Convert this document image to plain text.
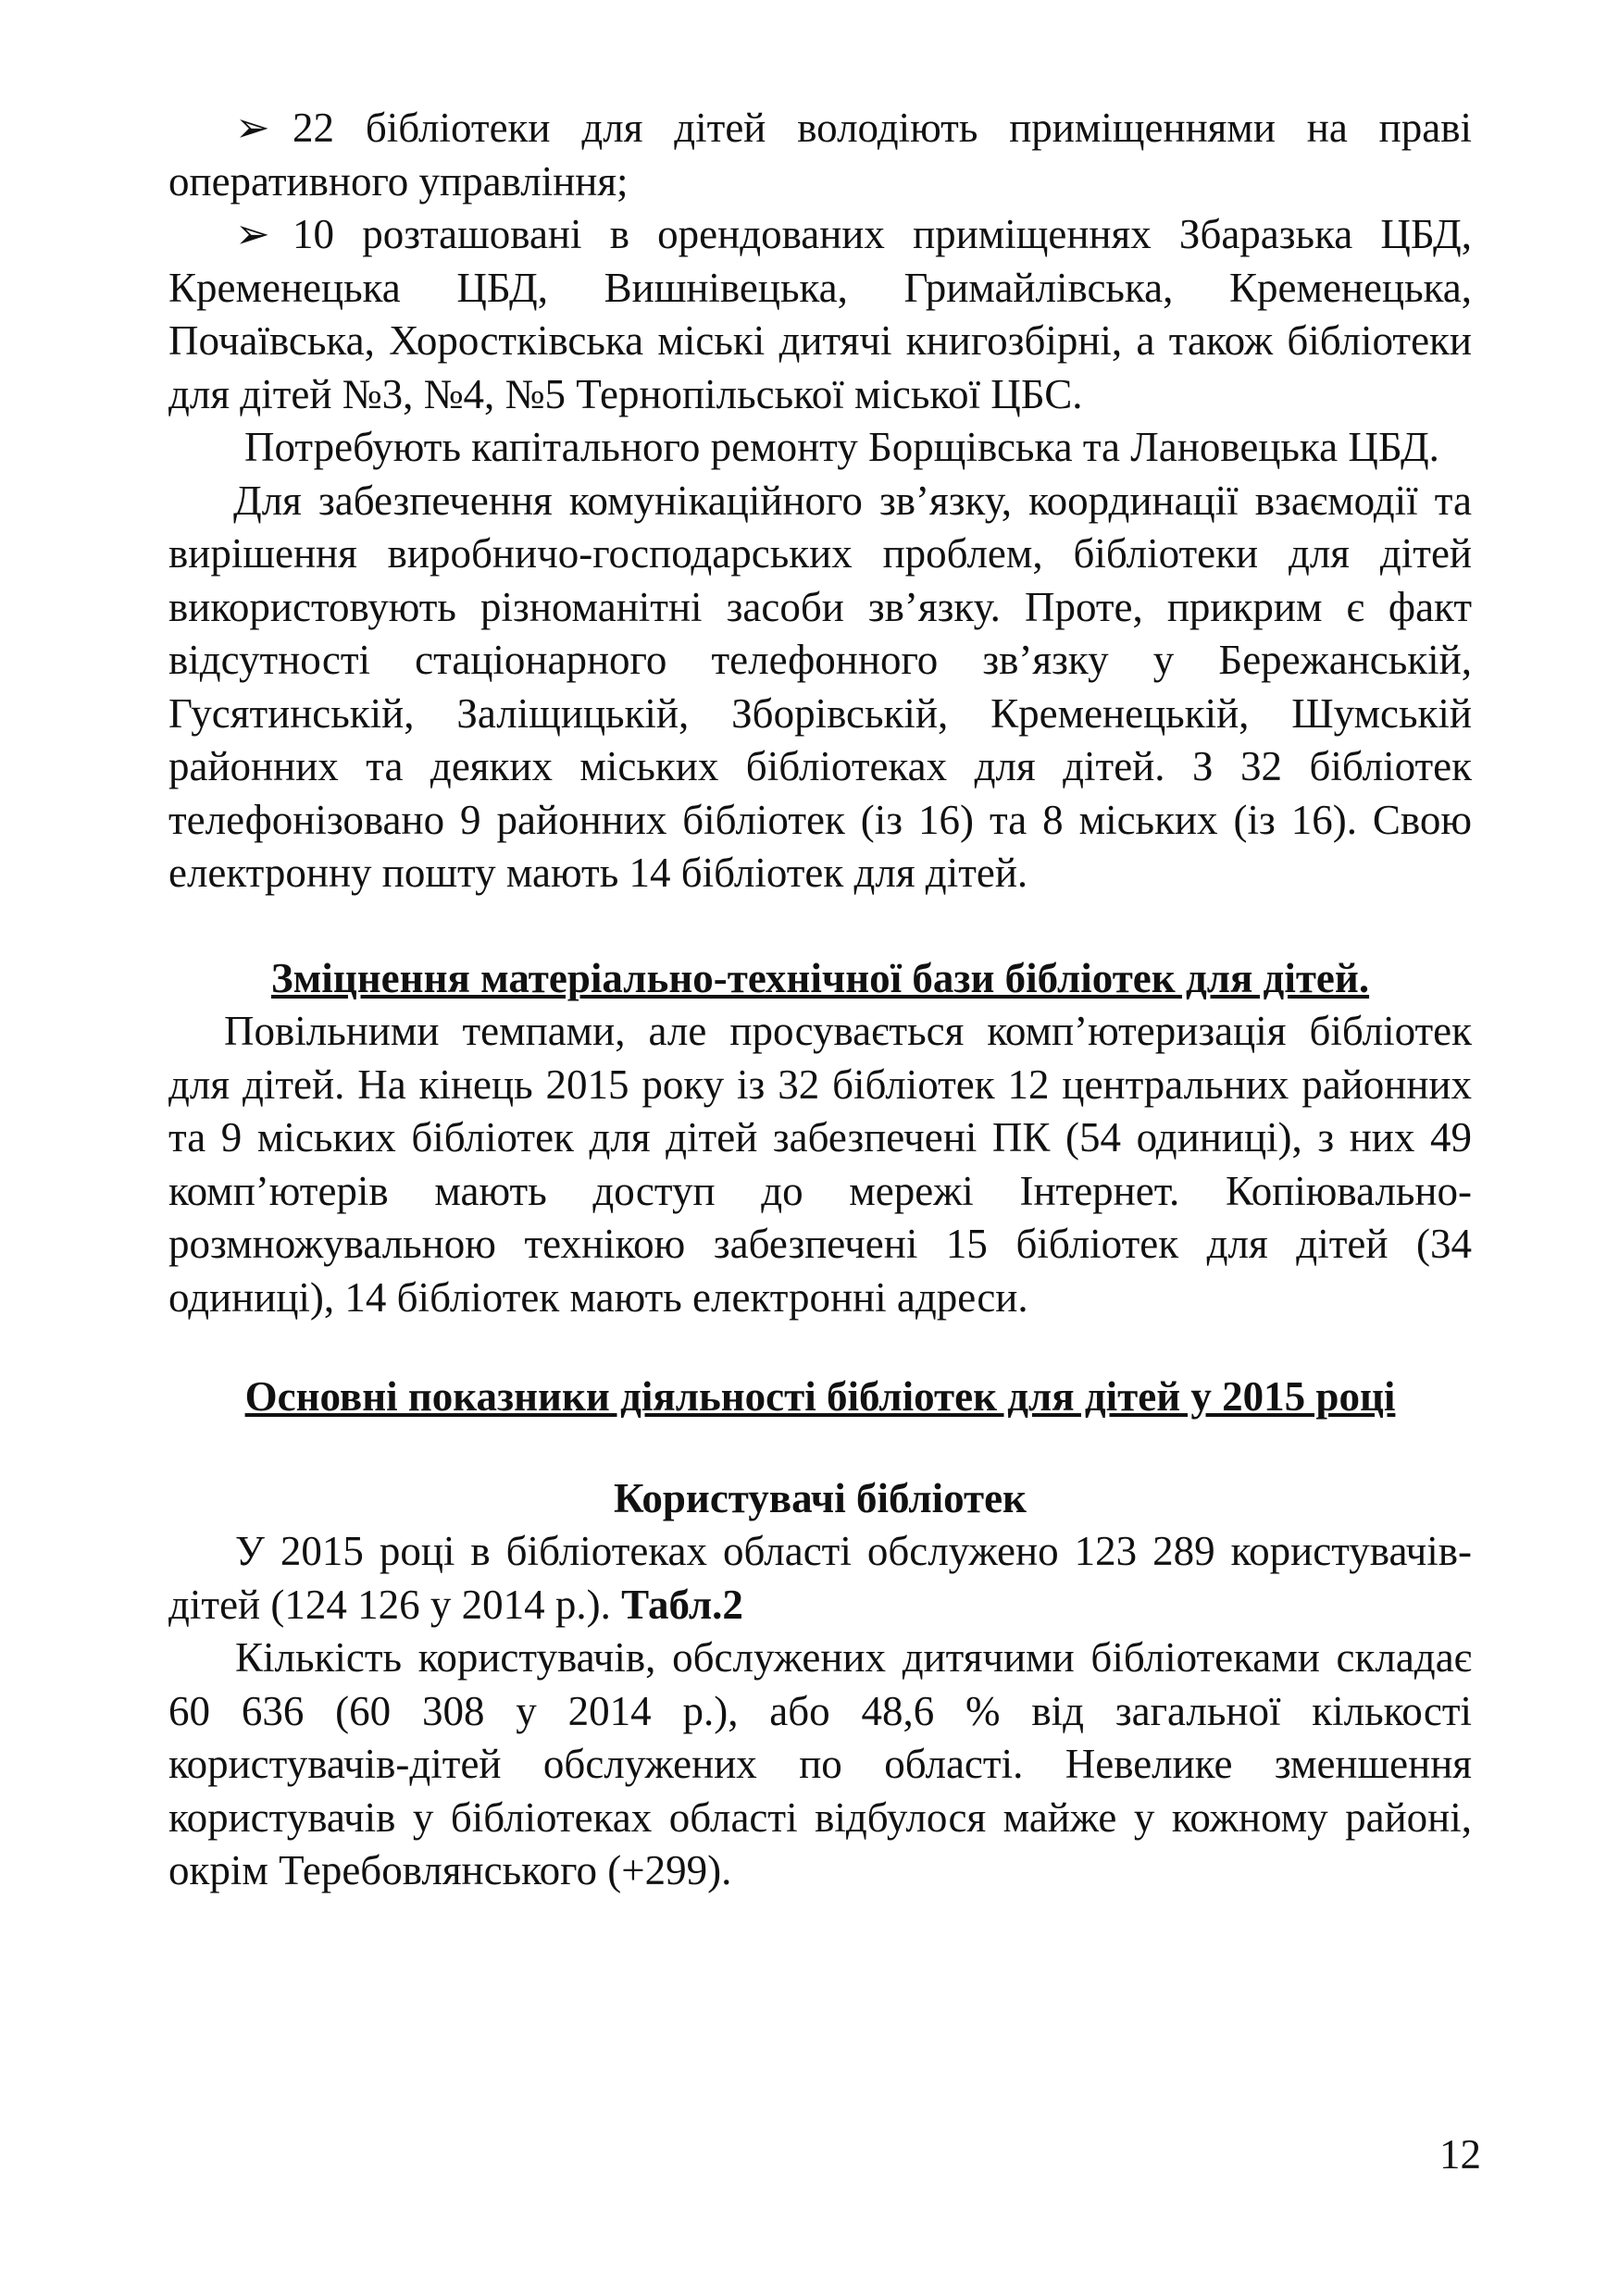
➢ 22 бібліотеки для дітей володіють приміщеннями на праві оперативного управління;

➢ 10 розташовані в орендованих приміщеннях Збаразька ЦБД, Кременецька ЦБД, Вишнівецька, Гримайлівська, Кременецька, Почаївська, Хоростківська міські дитячі книгозбірні, а також бібліотеки для дітей №3, №4, №5 Тернопільської міської ЦБС.

Потребують капітального ремонту Борщівська та Лановецька ЦБД.

Для забезпечення комунікаційного зв’язку, координації взаємодії та вирішення виробничо-господарських проблем, бібліотеки для дітей використовують різноманітні засоби зв’язку. Проте, прикрим є факт відсутності стаціонарного телефонного зв’язку у Бережанській, Гусятинській, Заліщицькій, Зборівській, Кременецькій, Шумській районних та деяких міських бібліотеках для дітей. З 32 бібліотек телефонізовано 9 районних бібліотек (із 16) та 8 міських (із 16). Свою електронну пошту мають 14 бібліотек для дітей.

Зміцнення матеріально-технічної бази бібліотек для дітей.

Повільними темпами, але просувається комп’ютеризація бібліотек для дітей. На кінець 2015 року із 32 бібліотек 12 центральних районних та 9 міських бібліотек для дітей забезпечені ПК (54 одиниці), з них 49 комп’ютерів мають доступ до мережі Інтернет. Копіювально-розмножувальною технікою забезпечені 15 бібліотек для дітей (34 одиниці), 14 бібліотек мають електронні адреси.

Основні показники діяльності бібліотек для дітей у 2015 році

Користувачі бібліотек

У 2015 році в бібліотеках області обслужено 123 289 користувачів-дітей (124 126 у 2014 р.). Табл.2

Кількість користувачів, обслужених дитячими бібліотеками складає 60 636 (60 308 у 2014 р.), або 48,6 % від загальної кількості користувачів-дітей обслужених по області. Невелике зменшення користувачів у бібліотеках області відбулося майже у кожному районі, окрім Теребовлянського (+299).

12
